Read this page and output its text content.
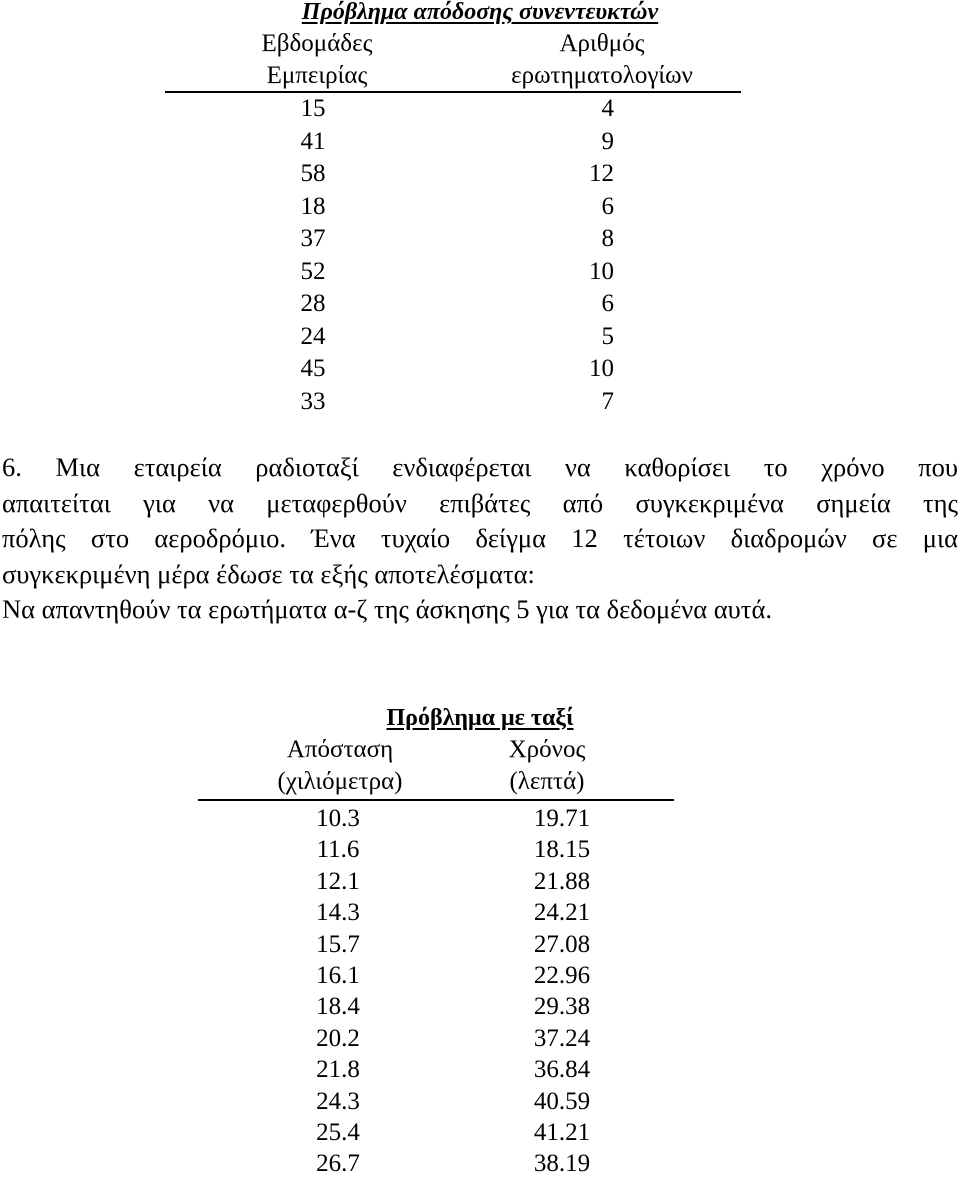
Πρόβλημα απόδοσης συνεντευκτών
Εβδομάδες
Εμπειρίας
Αριθμός
ερωτηματολογίων
15	4
41	9
58	12
18	6
37	8
52	10
28	6
24	5
45	10
33	7
6. Μια εταιρεία ραδιοταξί ενδιαφέρεται να καθορίσει το χρόνο που
απαιτείται για να μεταφερθούν επιβάτες από συγκεκριμένα σημεία της
πόλης στο αεροδρόμιο. Ένα τυχαίο δείγμα 12 τέτοιων διαδρομών σε μια
συγκεκριμένη μέρα έδωσε τα εξής αποτελέσματα:
Να απαντηθούν τα ερωτήματα α-ζ της άσκησης 5 για τα δεδομένα αυτά.
Πρόβλημα με ταξί
Απόσταση
(χιλιόμετρα)
Χρόνος
(λεπτά)
10.3	19.71
11.6	18.15
12.1	21.88
14.3	24.21
15.7	27.08
16.1	22.96
18.4	29.38
20.2	37.24
21.8	36.84
24.3	40.59
25.4	41.21
26.7	38.19
